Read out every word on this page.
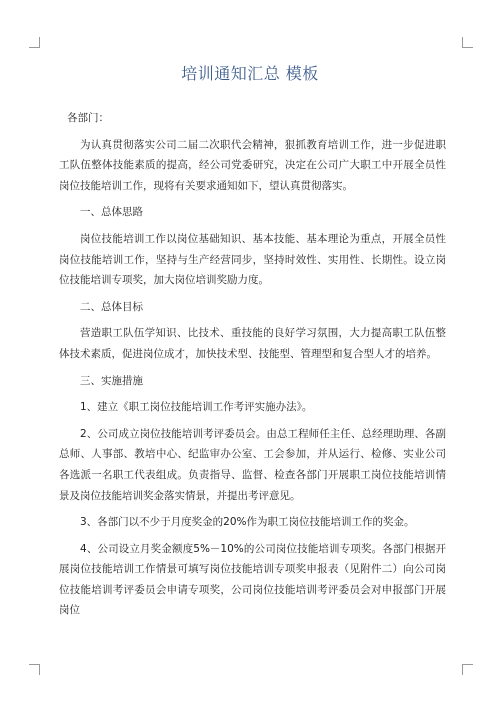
培训通知汇总 模板

各部门：

为认真贯彻落实公司二届二次职代会精神，狠抓教育培训工作，进一步促进职工队伍整体技能素质的提高，经公司党委研究，决定在公司广大职工中开展全员性岗位技能培训工作，现将有关要求通知如下，望认真贯彻落实。

一、总体思路

岗位技能培训工作以岗位基础知识、基本技能、基本理论为重点，开展全员性岗位技能培训工作，坚持与生产经营同步，坚持时效性、实用性、长期性。设立岗位技能培训专项奖，加大岗位培训奖励力度。

二、总体目标

营造职工队伍学知识、比技术、重技能的良好学习氛围，大力提高职工队伍整体技术素质，促进岗位成才，加快技术型、技能型、管理型和复合型人才的培养。

三、实施措施

1、建立《职工岗位技能培训工作考评实施办法》。

2、公司成立岗位技能培训考评委员会。由总工程师任主任、总经理助理、各副总师、人事部、教培中心、纪监审办公室、工会参加，并从运行、检修、实业公司各选派一名职工代表组成。负责指导、监督、检查各部门开展职工岗位技能培训情景及岗位技能培训奖金落实情景，并提出考评意见。

3、各部门以不少于月度奖金的20%作为职工岗位技能培训工作的奖金。

4、公司设立月奖金额度5%－10%的公司岗位技能培训专项奖。各部门根据开展岗位技能培训工作情景可填写岗位技能培训专项奖申报表（见附件二）向公司岗位技能培训考评委员会申请专项奖，公司岗位技能培训考评委员会对申报部门开展岗位
